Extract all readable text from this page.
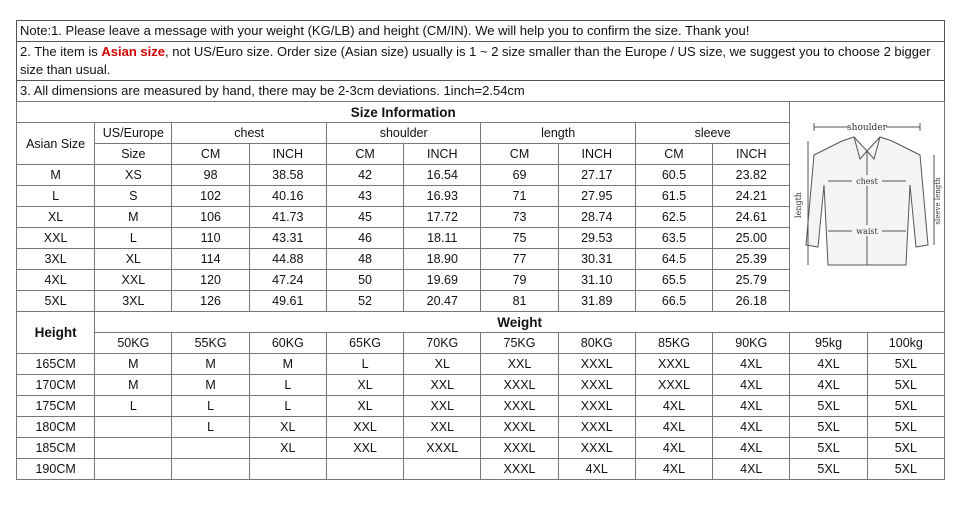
Note:1. Please leave a message with your weight (KG/LB) and height (CM/IN). We will help you to confirm the size. Thank you!
2. The item is Asian size, not US/Euro size. Order size (Asian size) usually is 1 ~ 2 size smaller than the Europe / US size, we suggest you to choose 2 bigger size than usual.
3. All dimensions are measured by hand, there may be 2-3cm deviations. 1inch=2.54cm
Size Information										shoulder
chest
waist
length sleeve length	

Asian Size	US/Europe	chest		shoulder		length		sleeve			
	Size	CM	INCH	CM	INCH	CM	INCH	CM	INCH		
M	XS	98	38.58	42	16.54	69	27.17	60.5	23.82		
L	S	102	40.16	43	16.93	71	27.95	61.5	24.21		
XL	M	106	41.73	45	17.72	73	28.74	62.5	24.61		
XXL	L	110	43.31	46	18.11	75	29.53	63.5	25.00		
3XL	XL	114	44.88	48	18.90	77	30.31	64.5	25.39		
4XL	XXL	120	47.24	50	19.69	79	31.10	65.5	25.79		
5XL	3XL	126	49.61	52	20.47	81	31.89	66.5	26.18		
Height	Weight										
	50KG	55KG	60KG	65KG	70KG	75KG	80KG	85KG	90KG	95kg	100kg
165CM	M	M	M	L	XL	XXL	XXXL	XXXL	4XL	4XL	5XL
170CM	M	M	L	XL	XXL	XXXL	XXXL	XXXL	4XL	4XL	5XL
175CM	L	L	L	XL	XXL	XXXL	XXXL	4XL	4XL	5XL	5XL
180CM		L	XL	XXL	XXL	XXXL	XXXL	4XL	4XL	5XL	5XL
185CM			XL	XXL	XXXL	XXXL	XXXL	4XL	4XL	5XL	5XL
190CM						XXXL	4XL	4XL	4XL	5XL	5XL
